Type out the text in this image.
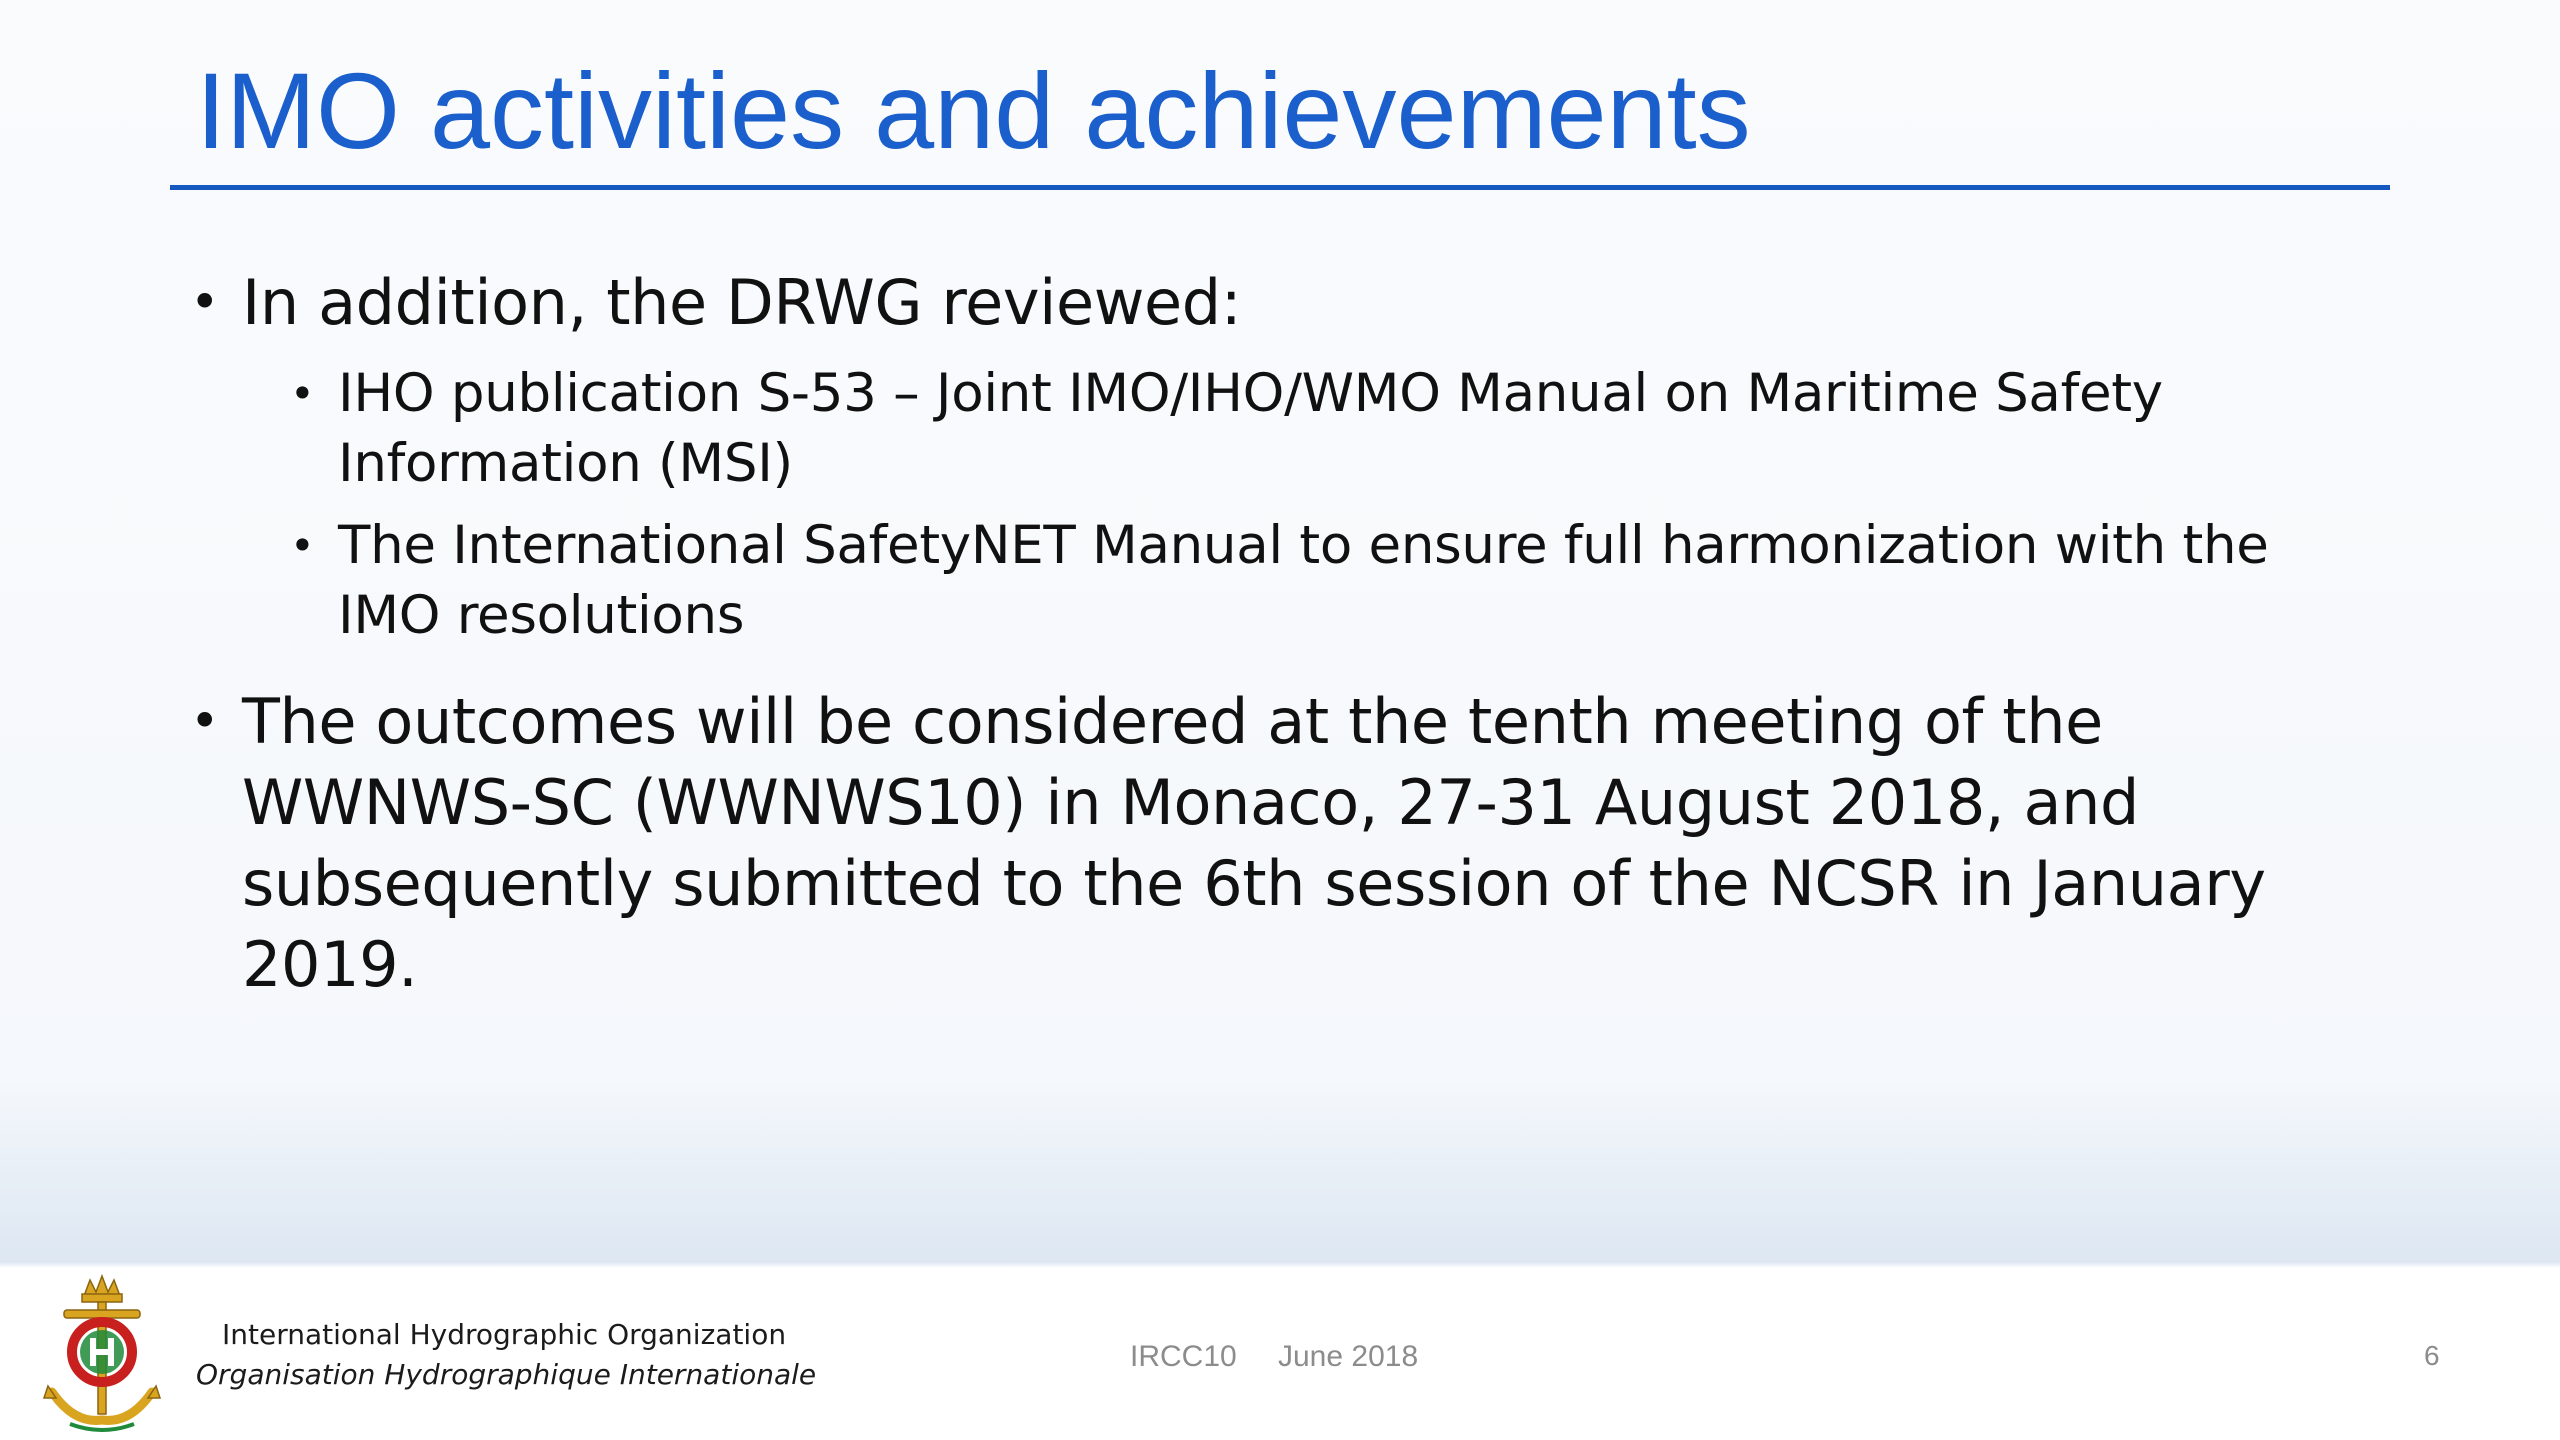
IMO activities and achievements
• In addition, the DRWG reviewed:
• IHO publication S-53 – Joint IMO/IHO/WMO Manual on Maritime Safety Information (MSI)
• The International SafetyNET Manual to ensure full harmonization with the IMO resolutions
• The outcomes will be considered at the tenth meeting of the WWNWS-SC (WWNWS10) in Monaco, 27-31 August 2018, and subsequently submitted to the 6th session of the NCSR in January 2019.
International Hydrographic Organization
Organisation Hydrographique Internationale
IRCC10 June 2018	6
